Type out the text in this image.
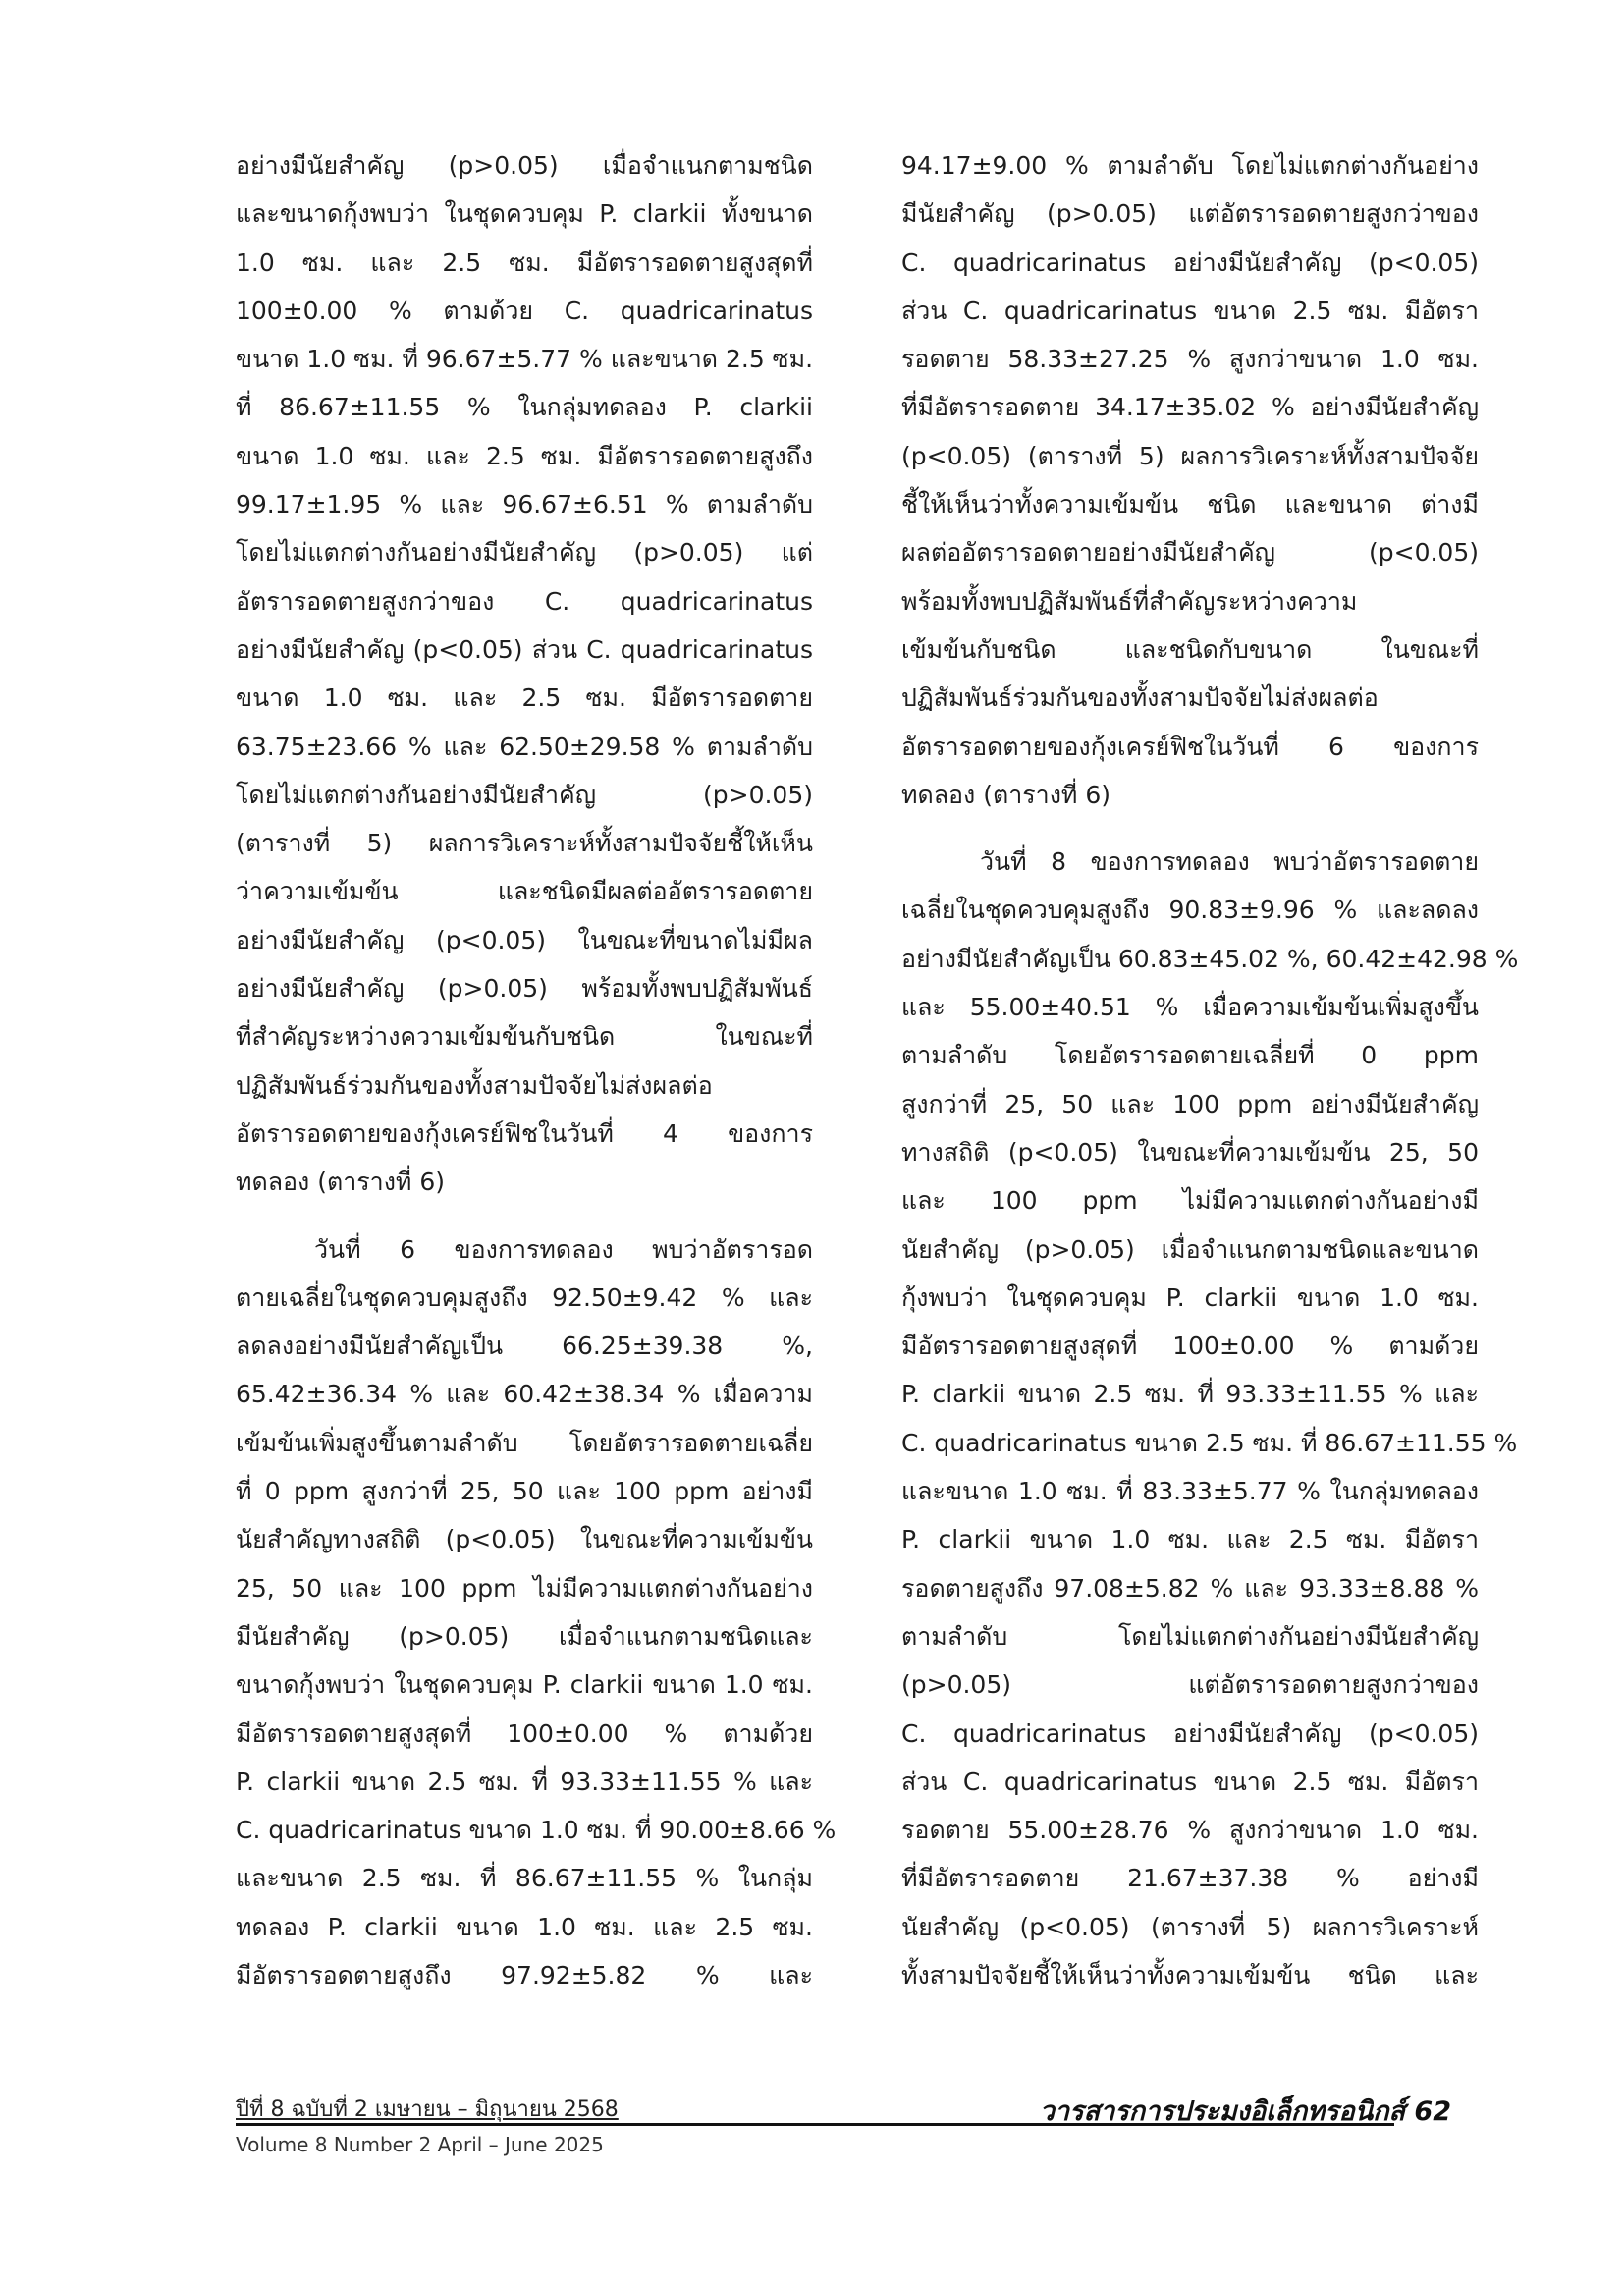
อย่างมีนัยสำคัญ (p>0.05) เมื่อจำแนกตามชนิด
และขนาดกุ้งพบว่า ในชุดควบคุม P. clarkii ทั้งขนาด
1.0 ซม. และ 2.5 ซม. มีอัตรารอดตายสูงสุดที่
100±0.00 % ตามด้วย C. quadricarinatus
ขนาด 1.0 ซม. ที่ 96.67±5.77 % และขนาด 2.5 ซม.
ที่ 86.67±11.55 % ในกลุ่มทดลอง P. clarkii
ขนาด 1.0 ซม. และ 2.5 ซม. มีอัตรารอดตายสูงถึง
99.17±1.95 % และ 96.67±6.51 % ตามลำดับ
โดยไม่แตกต่างกันอย่างมีนัยสำคัญ (p>0.05) แต่
อัตรารอดตายสูงกว่าของ C. quadricarinatus
อย่างมีนัยสำคัญ (p<0.05) ส่วน C. quadricarinatus
ขนาด 1.0 ซม. และ 2.5 ซม. มีอัตรารอดตาย
63.75±23.66 % และ 62.50±29.58 % ตามลำดับ
โดยไม่แตกต่างกันอย่างมีนัยสำคัญ (p>0.05)
(ตารางที่ 5) ผลการวิเคราะห์ทั้งสามปัจจัยชี้ให้เห็น
ว่าความเข้มข้น และชนิดมีผลต่ออัตรารอดตาย
อย่างมีนัยสำคัญ (p<0.05) ในขณะที่ขนาดไม่มีผล
อย่างมีนัยสำคัญ (p>0.05) พร้อมทั้งพบปฏิสัมพันธ์
ที่สำคัญระหว่างความเข้มข้นกับชนิด ในขณะที่
ปฏิสัมพันธ์ร่วมกันของทั้งสามปัจจัยไม่ส่งผลต่อ
อัตรารอดตายของกุ้งเครย์ฟิชในวันที่ 4 ของการ
ทดลอง (ตารางที่ 6)
วันที่ 6 ของการทดลอง พบว่าอัตรารอด
ตายเฉลี่ยในชุดควบคุมสูงถึง 92.50±9.42 % และ
ลดลงอย่างมีนัยสำคัญเป็น 66.25±39.38 %,
65.42±36.34 % และ 60.42±38.34 % เมื่อความ
เข้มข้นเพิ่มสูงขึ้นตามลำดับ โดยอัตรารอดตายเฉลี่ย
ที่ 0 ppm สูงกว่าที่ 25, 50 และ 100 ppm อย่างมี
นัยสำคัญทางสถิติ (p<0.05) ในขณะที่ความเข้มข้น
25, 50 และ 100 ppm ไม่มีความแตกต่างกันอย่าง
มีนัยสำคัญ (p>0.05) เมื่อจำแนกตามชนิดและ
ขนาดกุ้งพบว่า ในชุดควบคุม P. clarkii ขนาด 1.0 ซม.
มีอัตรารอดตายสูงสุดที่ 100±0.00 % ตามด้วย
P. clarkii ขนาด 2.5 ซม. ที่ 93.33±11.55 % และ
C. quadricarinatus ขนาด 1.0 ซม. ที่ 90.00±8.66 %
และขนาด 2.5 ซม. ที่ 86.67±11.55 % ในกลุ่ม
ทดลอง P. clarkii ขนาด 1.0 ซม. และ 2.5 ซม.
มีอัตรารอดตายสูงถึง 97.92±5.82 % และ
94.17±9.00 % ตามลำดับ โดยไม่แตกต่างกันอย่าง
มีนัยสำคัญ (p>0.05) แต่อัตรารอดตายสูงกว่าของ
C. quadricarinatus อย่างมีนัยสำคัญ (p<0.05)
ส่วน C. quadricarinatus ขนาด 2.5 ซม. มีอัตรา
รอดตาย 58.33±27.25 % สูงกว่าขนาด 1.0 ซม.
ที่มีอัตรารอดตาย 34.17±35.02 % อย่างมีนัยสำคัญ
(p<0.05) (ตารางที่ 5) ผลการวิเคราะห์ทั้งสามปัจจัย
ชี้ให้เห็นว่าทั้งความเข้มข้น ชนิด และขนาด ต่างมี
ผลต่ออัตรารอดตายอย่างมีนัยสำคัญ (p<0.05)
พร้อมทั้งพบปฏิสัมพันธ์ที่สำคัญระหว่างความ
เข้มข้นกับชนิด และชนิดกับขนาด ในขณะที่
ปฏิสัมพันธ์ร่วมกันของทั้งสามปัจจัยไม่ส่งผลต่อ
อัตรารอดตายของกุ้งเครย์ฟิชในวันที่ 6 ของการ
ทดลอง (ตารางที่ 6)
วันที่ 8 ของการทดลอง พบว่าอัตรารอดตาย
เฉลี่ยในชุดควบคุมสูงถึง 90.83±9.96 % และลดลง
อย่างมีนัยสำคัญเป็น 60.83±45.02 %, 60.42±42.98 %
และ 55.00±40.51 % เมื่อความเข้มข้นเพิ่มสูงขึ้น
ตามลำดับ โดยอัตรารอดตายเฉลี่ยที่ 0 ppm
สูงกว่าที่ 25, 50 และ 100 ppm อย่างมีนัยสำคัญ
ทางสถิติ (p<0.05) ในขณะที่ความเข้มข้น 25, 50
และ 100 ppm ไม่มีความแตกต่างกันอย่างมี
นัยสำคัญ (p>0.05) เมื่อจำแนกตามชนิดและขนาด
กุ้งพบว่า ในชุดควบคุม P. clarkii ขนาด 1.0 ซม.
มีอัตรารอดตายสูงสุดที่ 100±0.00 % ตามด้วย
P. clarkii ขนาด 2.5 ซม. ที่ 93.33±11.55 % และ
C. quadricarinatus ขนาด 2.5 ซม. ที่ 86.67±11.55 %
และขนาด 1.0 ซม. ที่ 83.33±5.77 % ในกลุ่มทดลอง
P. clarkii ขนาด 1.0 ซม. และ 2.5 ซม. มีอัตรา
รอดตายสูงถึง 97.08±5.82 % และ 93.33±8.88 %
ตามลำดับ โดยไม่แตกต่างกันอย่างมีนัยสำคัญ
(p>0.05) แต่อัตรารอดตายสูงกว่าของ
C. quadricarinatus อย่างมีนัยสำคัญ (p<0.05)
ส่วน C. quadricarinatus ขนาด 2.5 ซม. มีอัตรา
รอดตาย 55.00±28.76 % สูงกว่าขนาด 1.0 ซม.
ที่มีอัตรารอดตาย 21.67±37.38 % อย่างมี
นัยสำคัญ (p<0.05) (ตารางที่ 5) ผลการวิเคราะห์
ทั้งสามปัจจัยชี้ให้เห็นว่าทั้งความเข้มข้น ชนิด และ
ปีที่ 8 ฉบับที่ 2 เมษายน – มิถุนายน 2568
Volume 8 Number 2 April – June 2025
วารสารการประมงอิเล็กทรอนิกส์ 62
